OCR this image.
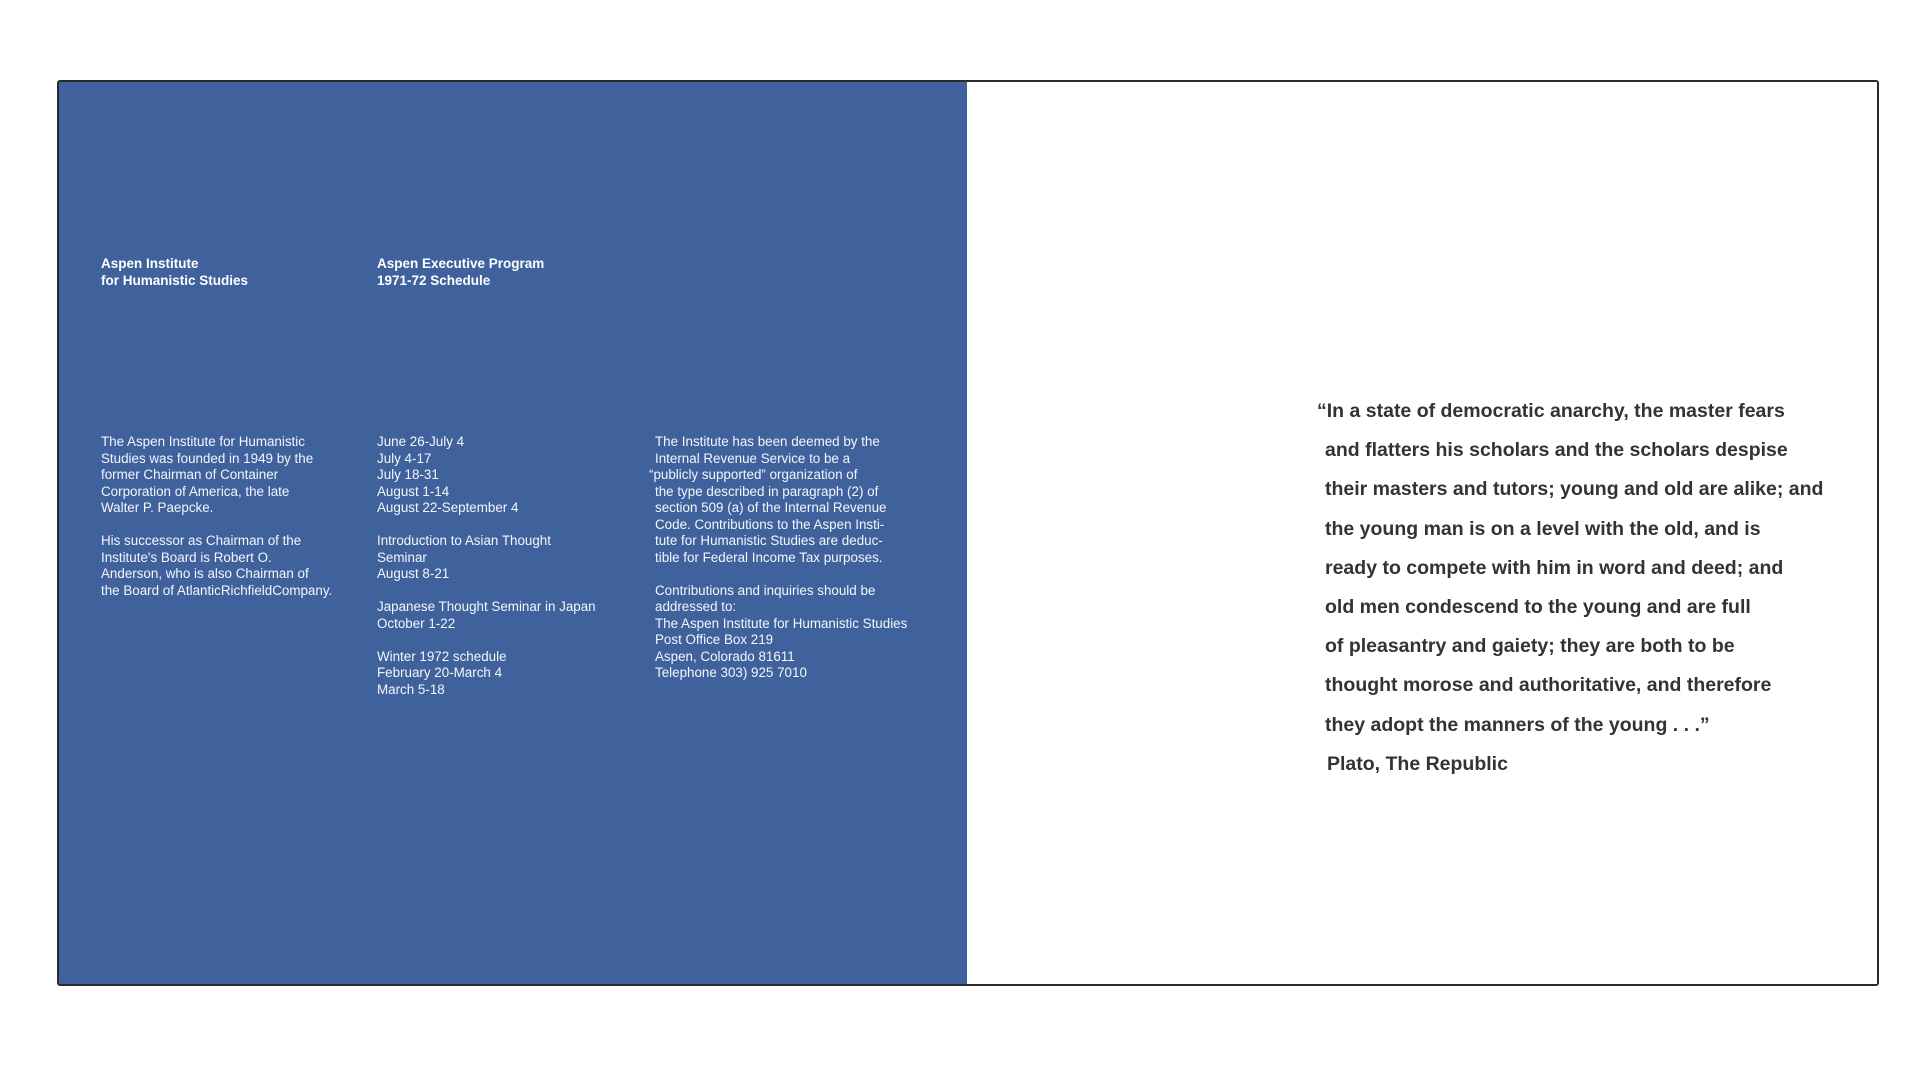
Aspen Institute
for Humanistic Studies
Aspen Executive Program
1971-72 Schedule
The Aspen Institute for Humanistic
Studies was founded in 1949 by the
former Chairman of Container
Corporation of America, the late
Walter P. Paepcke.
His successor as Chairman of the
Institute's Board is Robert O.
Anderson, who is also Chairman of
the Board of AtlanticRichfieldCompany.
June 26-July 4
July 4-17
July 18-31
August 1-14
August 22-September 4
Introduction to Asian Thought
Seminar
August 8-21
Japanese Thought Seminar in Japan
October 1-22
Winter 1972 schedule
February 20-March 4
March 5-18
The Institute has been deemed by the
Internal Revenue Service to be a
“publicly supported” organization of
the type described in paragraph (2) of
section 509 (a) of the Internal Revenue
Code. Contributions to the Aspen Insti-
tute for Humanistic Studies are deduc-
tible for Federal Income Tax purposes.
Contributions and inquiries should be
addressed to:
The Aspen Institute for Humanistic Studies
Post Office Box 219
Aspen, Colorado 81611
Telephone 303) 925 7010
“In a state of democratic anarchy, the master fears
and flatters his scholars and the scholars despise
their masters and tutors; young and old are alike; and
the young man is on a level with the old, and is
ready to compete with him in word and deed; and
old men condescend to the young and are full
of pleasantry and gaiety; they are both to be
thought morose and authoritative, and therefore
they adopt the manners of the young . . .”
Plato, The Republic
